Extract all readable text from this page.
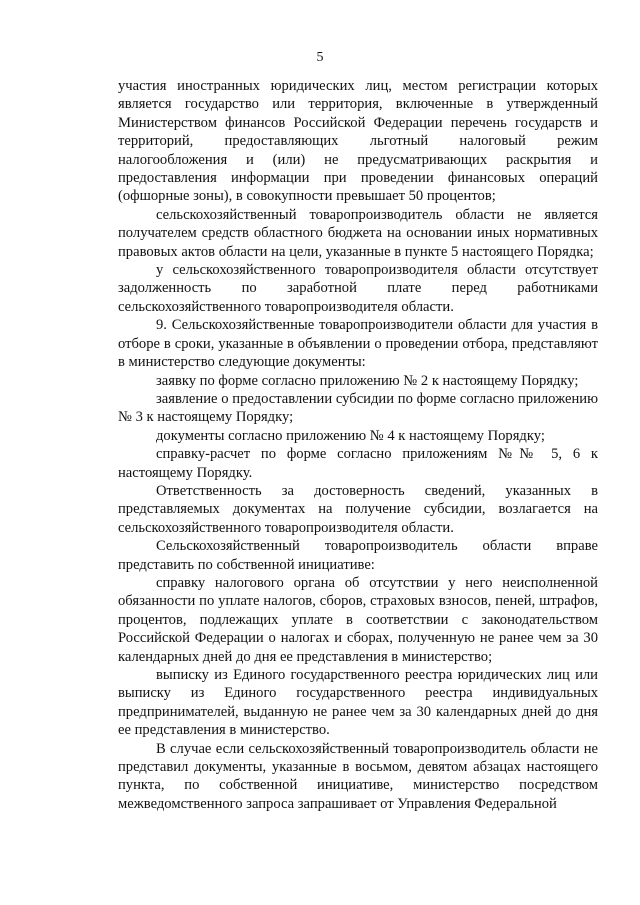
5

участия иностранных юридических лиц, местом регистрации которых является государство или территория, включенные в утвержденный Министерством финансов Российской Федерации перечень государств и территорий, предоставляющих льготный налоговый режим налогообложения и (или) не предусматривающих раскрытия и предоставления информации при проведении финансовых операций (офшорные зоны), в совокупности превышает 50 процентов;

сельскохозяйственный товаропроизводитель области не является получателем средств областного бюджета на основании иных нормативных правовых актов области на цели, указанные в пункте 5 настоящего Порядка;

у сельскохозяйственного товаропроизводителя области отсутствует задолженность по заработной плате перед работниками сельскохозяйственного товаропроизводителя области.

9. Сельскохозяйственные товаропроизводители области для участия в отборе в сроки, указанные в объявлении о проведении отбора, представляют в министерство следующие документы:

заявку по форме согласно приложению № 2 к настоящему Порядку;

заявление о предоставлении субсидии по форме согласно приложению № 3 к настоящему Порядку;

документы согласно приложению № 4 к настоящему Порядку;

справку-расчет по форме согласно приложениям №№ 5, 6 к настоящему Порядку.

Ответственность за достоверность сведений, указанных в представляемых документах на получение субсидии, возлагается на сельскохозяйственного товаропроизводителя области.

Сельскохозяйственный товаропроизводитель области вправе представить по собственной инициативе:

справку налогового органа об отсутствии у него неисполненной обязанности по уплате налогов, сборов, страховых взносов, пеней, штрафов, процентов, подлежащих уплате в соответствии с законодательством Российской Федерации о налогах и сборах, полученную не ранее чем за 30 календарных дней до дня ее представления в министерство;

выписку из Единого государственного реестра юридических лиц или выписку из Единого государственного реестра индивидуальных предпринимателей, выданную не ранее чем за 30 календарных дней до дня ее представления в министерство.

В случае если сельскохозяйственный товаропроизводитель области не представил документы, указанные в восьмом, девятом абзацах настоящего пункта, по собственной инициативе, министерство посредством межведомственного запроса запрашивает от Управления Федеральной
